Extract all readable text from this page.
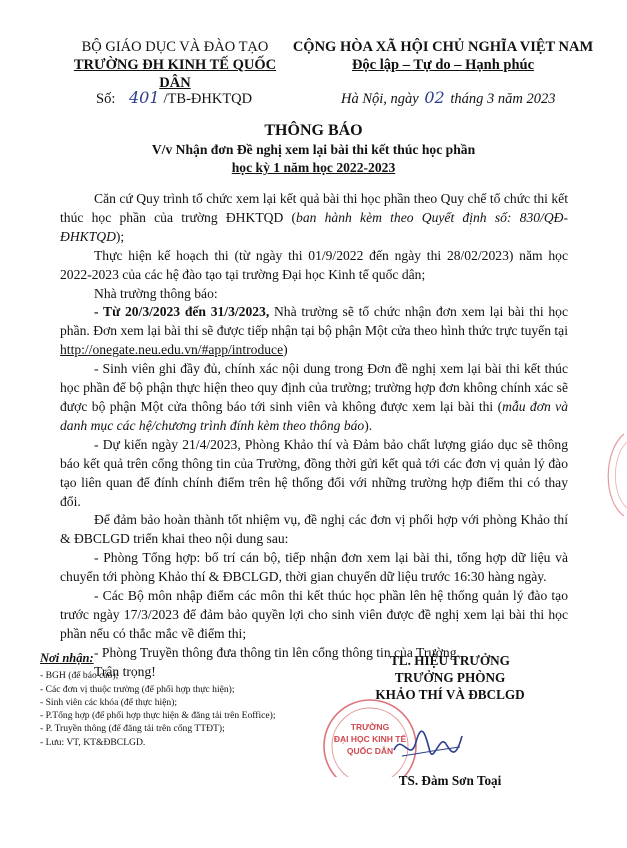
BỘ GIÁO DỤC VÀ ĐÀO TẠO
TRƯỜNG ĐH KINH TẾ QUỐC DÂN
CỘNG HÒA XÃ HỘI CHỦ NGHĨA VIỆT NAM
Độc lập – Tự do – Hạnh phúc
Số: 401 /TB-ĐHKTQD	Hà Nội, ngày 02 tháng 3 năm 2023
THÔNG BÁO
V/v Nhận đơn Đề nghị xem lại bài thi kết thúc học phần
học kỳ 1 năm học 2022-2023

Căn cứ Quy trình tổ chức xem lại kết quả bài thi học phần theo Quy chế tổ chức thi kết thúc học phần của trường ĐHKTQD (ban hành kèm theo Quyết định số: 830/QĐ-ĐHKTQD);

Thực hiện kế hoạch thi (từ ngày thi 01/9/2022 đến ngày thi 28/02/2023) năm học 2022-2023 của các hệ đào tạo tại trường Đại học Kinh tế quốc dân;

Nhà trường thông báo:

- Từ 20/3/2023 đến 31/3/2023, Nhà trường sẽ tổ chức nhận đơn xem lại bài thi học phần. Đơn xem lại bài thi sẽ được tiếp nhận tại bộ phận Một cửa theo hình thức trực tuyến tại http://onegate.neu.edu.vn/#app/introduce)

- Sinh viên ghi đầy đủ, chính xác nội dung trong Đơn đề nghị xem lại bài thi kết thúc học phần để bộ phận thực hiện theo quy định của trường; trường hợp đơn không chính xác sẽ được bộ phận Một cửa thông báo tới sinh viên và không được xem lại bài thi (mẫu đơn và danh mục các hệ/chương trình đính kèm theo thông báo).

- Dự kiến ngày 21/4/2023, Phòng Khảo thí và Đảm bảo chất lượng giáo dục sẽ thông báo kết quả trên cổng thông tin của Trường, đồng thời gửi kết quả tới các đơn vị quản lý đào tạo liên quan để đính chính điểm trên hệ thống đối với những trường hợp điểm thi có thay đổi.

Để đảm bảo hoàn thành tốt nhiệm vụ, đề nghị các đơn vị phối hợp với phòng Khảo thí & ĐBCLGD triển khai theo nội dung sau:

- Phòng Tổng hợp: bố trí cán bộ, tiếp nhận đơn xem lại bài thi, tổng hợp dữ liệu và chuyển tới phòng Khảo thí & ĐBCLGD, thời gian chuyển dữ liệu trước 16:30 hàng ngày.

- Các Bộ môn nhập điểm các môn thi kết thúc học phần lên hệ thống quản lý đào tạo trước ngày 17/3/2023 để đảm bảo quyền lợi cho sinh viên được đề nghị xem lại bài thi học phần nếu có thắc mắc về điểm thi;

- Phòng Truyền thông đưa thông tin lên cổng thông tin của Trường.

Trân trọng!

Nơi nhận:
- BGH (để báo cáo);
- Các đơn vị thuộc trường (để phối hợp thực hiện);
- Sinh viên các khóa (để thực hiện);
- P.Tổng hợp (để phối hợp thực hiện & đăng tải trên Eoffice);
- P. Truyền thông (để đăng tải trên cổng TTĐT);
- Lưu: VT, KT&ĐBCLGD.
TL. HIỆU TRƯỞNG
TRƯỞNG PHÒNG
KHẢO THÍ VÀ ĐBCLGD
TRƯỜNG
ĐẠI HỌC KINH TẾ
QUỐC DÂN
TS. Đàm Sơn Toại
